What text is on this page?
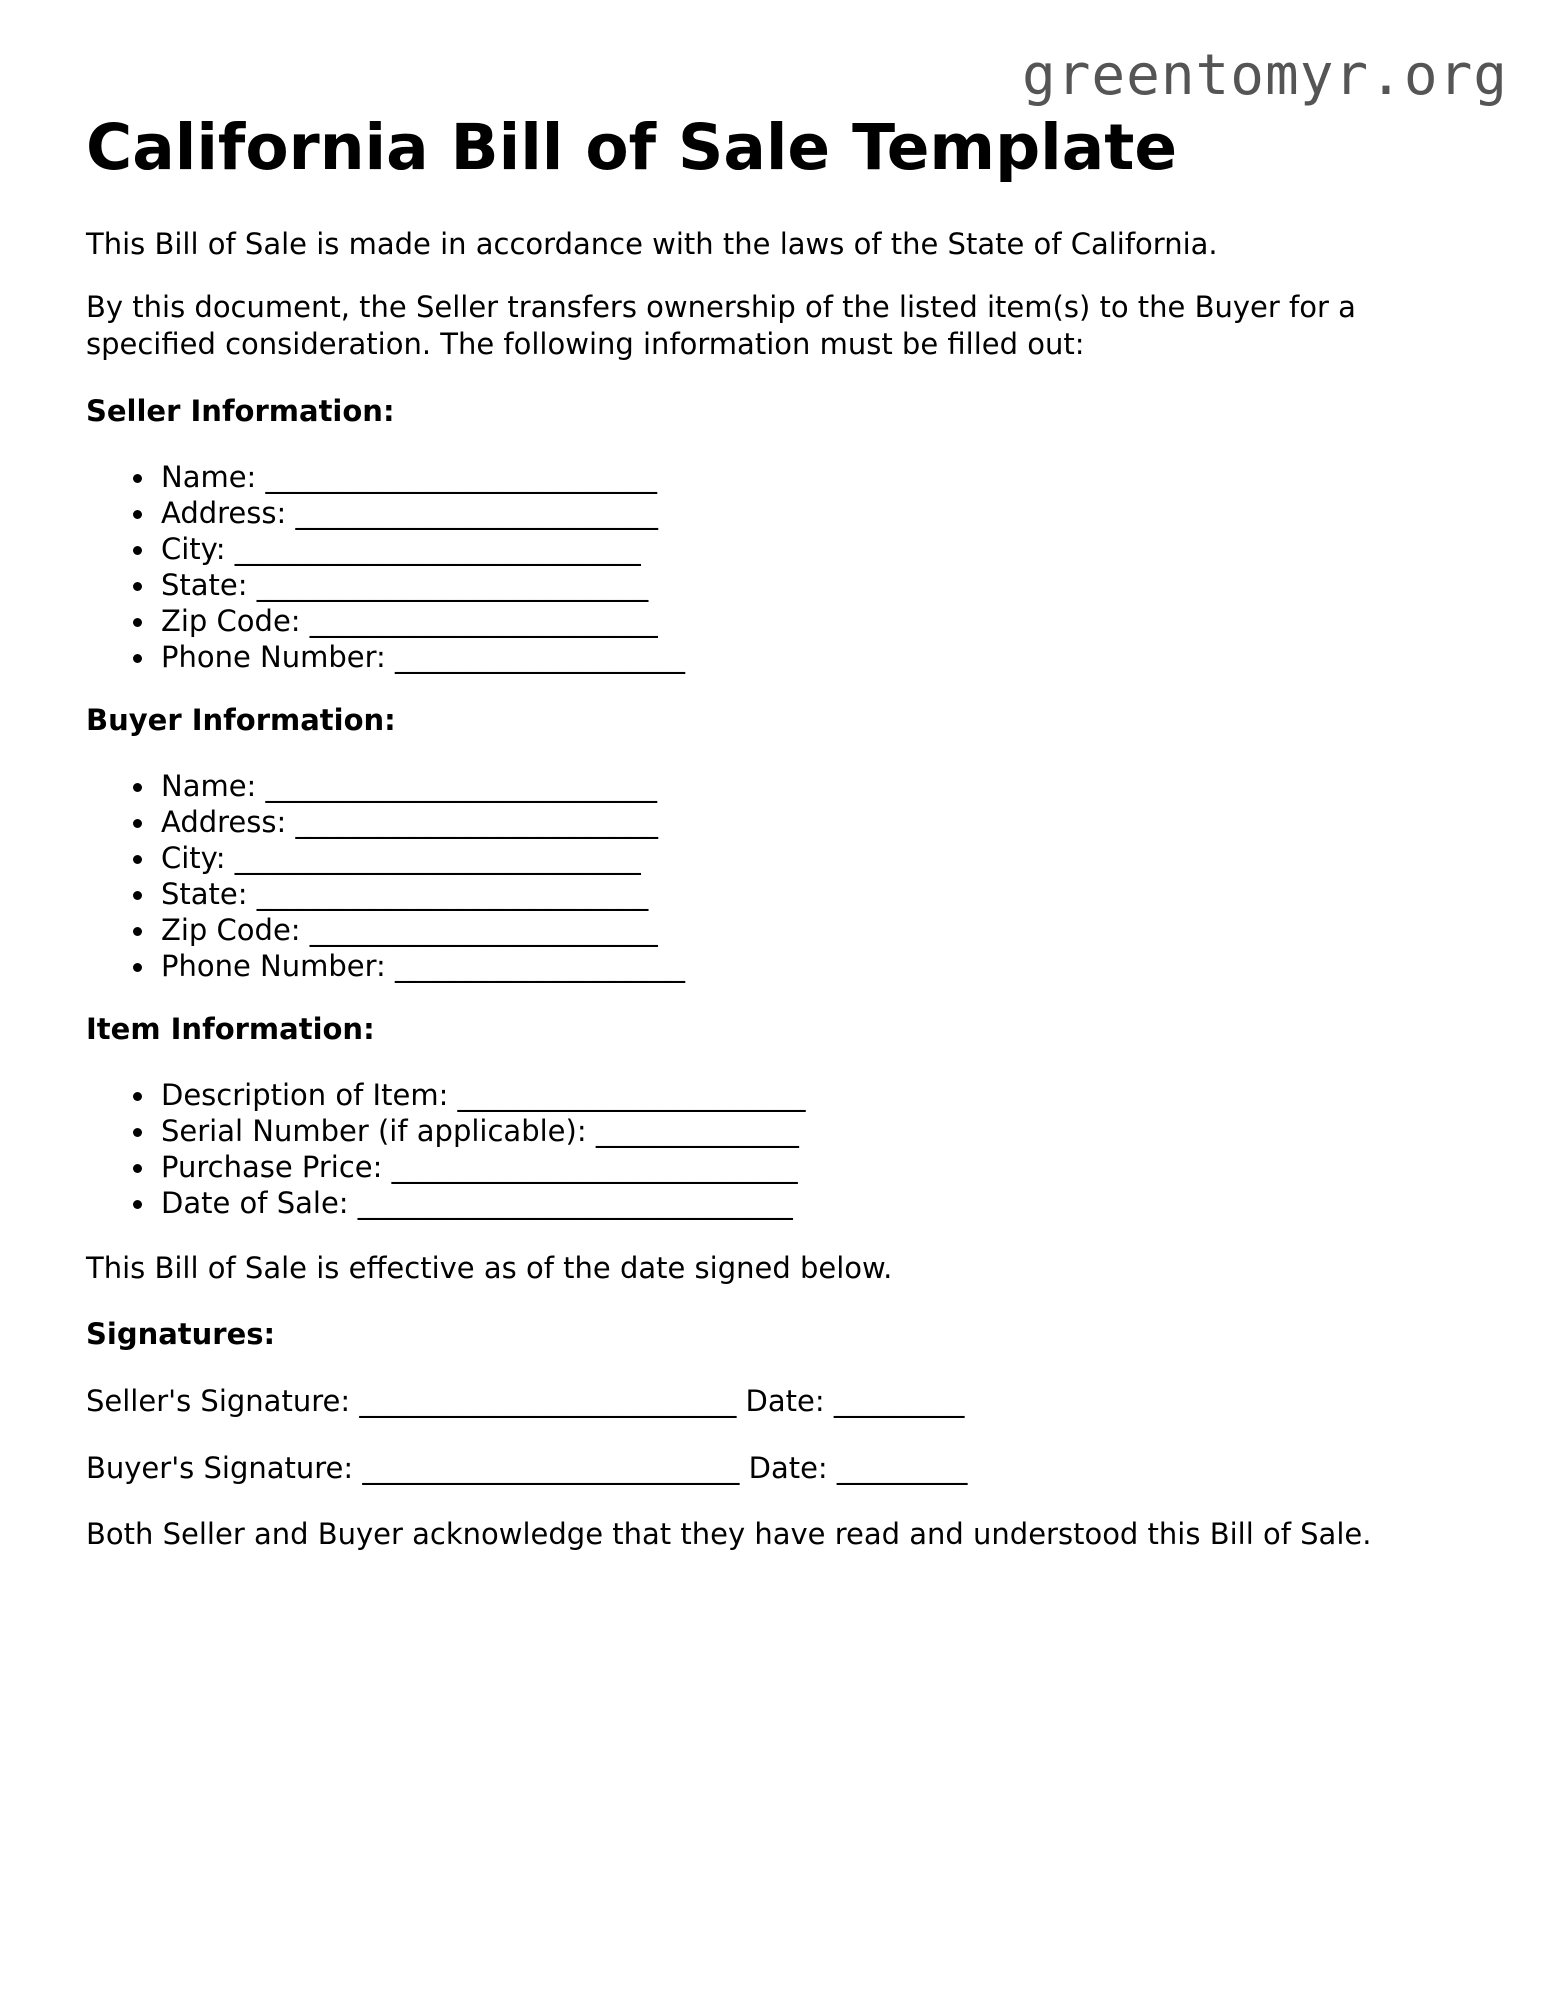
greentomyr.org
California Bill of Sale Template

This Bill of Sale is made in accordance with the laws of the State of California.

By this document, the Seller transfers ownership of the listed item(s) to the Buyer for a specified consideration. The following information must be filled out:

Seller Information:
Name: ___________________________
Address: _________________________
City: ____________________________
State: ___________________________
Zip Code: ________________________
Phone Number: ____________________
Buyer Information:
Name: ___________________________
Address: _________________________
City: ____________________________
State: ___________________________
Zip Code: ________________________
Phone Number: ____________________
Item Information:
Description of Item: ________________________
Serial Number (if applicable): ______________
Purchase Price: ____________________________
Date of Sale: ______________________________

This Bill of Sale is effective as of the date signed below.

Signatures:

Seller's Signature: __________________________ Date: _________

Buyer's Signature: __________________________ Date: _________

Both Seller and Buyer acknowledge that they have read and understood this Bill of Sale.
